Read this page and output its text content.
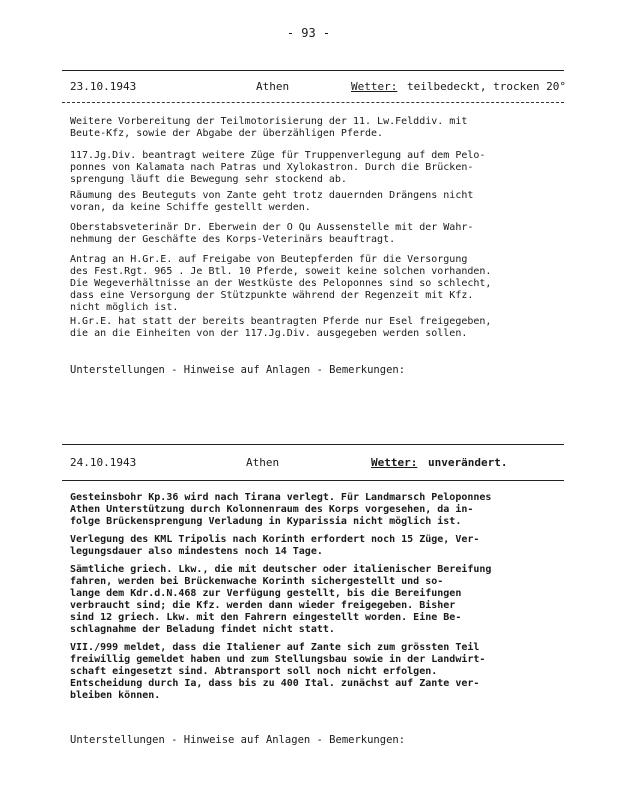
- 93 -
23.10.1943	Athen	Wetter: teilbedeckt, trocken 20°
Weitere Vorbereitung der Teilmotorisierung der 11. Lw.Felddiv. mit
Beute-Kfz, sowie der Abgabe der überzähligen Pferde.
117.Jg.Div. beantragt weitere Züge für Truppenverlegung auf dem Pelo-
ponnes von Kalamata nach Patras und Xylokastron. Durch die Brücken-
sprengung läuft die Bewegung sehr stockend ab.
Räumung des Beuteguts von Zante geht trotz dauernden Drängens nicht
voran, da keine Schiffe gestellt werden.
Oberstabsveterinär Dr. Eberwein der O Qu Aussenstelle mit der Wahr-
nehmung der Geschäfte des Korps-Veterinärs beauftragt.
Antrag an H.Gr.E. auf Freigabe von Beutepferden für die Versorgung
des Fest.Rgt. 965 . Je Btl. 10 Pferde, soweit keine solchen vorhanden.
Die Wegeverhältnisse an der Westküste des Peloponnes sind so schlecht,
dass eine Versorgung der Stützpunkte während der Regenzeit mit Kfz.
nicht möglich ist.
H.Gr.E. hat statt der bereits beantragten Pferde nur Esel freigegeben,
die an die Einheiten von der 117.Jg.Div. ausgegeben werden sollen.
Unterstellungen - Hinweise auf Anlagen - Bemerkungen:
24.10.1943	Athen	Wetter: unverändert.
Gesteinsbohr Kp.36 wird nach Tirana verlegt. Für Landmarsch Peloponnes
Athen Unterstützung durch Kolonnenraum des Korps vorgesehen, da in-
folge Brückensprengung Verladung in Kyparissia nicht möglich ist.
Verlegung des KML Tripolis nach Korinth erfordert noch 15 Züge, Ver-
legungsdauer also mindestens noch 14 Tage.
Sämtliche griech. Lkw., die mit deutscher oder italienischer Bereifung
fahren, werden bei Brückenwache Korinth sichergestellt und so-
lange dem Kdr.d.N.468 zur Verfügung gestellt, bis die Bereifungen
verbraucht sind; die Kfz. werden dann wieder freigegeben. Bisher
sind 12 griech. Lkw. mit den Fahrern eingestellt worden. Eine Be-
schlagnahme der Beladung findet nicht statt.
VII./999 meldet, dass die Italiener auf Zante sich zum grössten Teil
freiwillig gemeldet haben und zum Stellungsbau sowie in der Landwirt-
schaft eingesetzt sind. Abtransport soll noch nicht erfolgen.
Entscheidung durch Ia, dass bis zu 400 Ital. zunächst auf Zante ver-
bleiben können.
Unterstellungen - Hinweise auf Anlagen - Bemerkungen:
